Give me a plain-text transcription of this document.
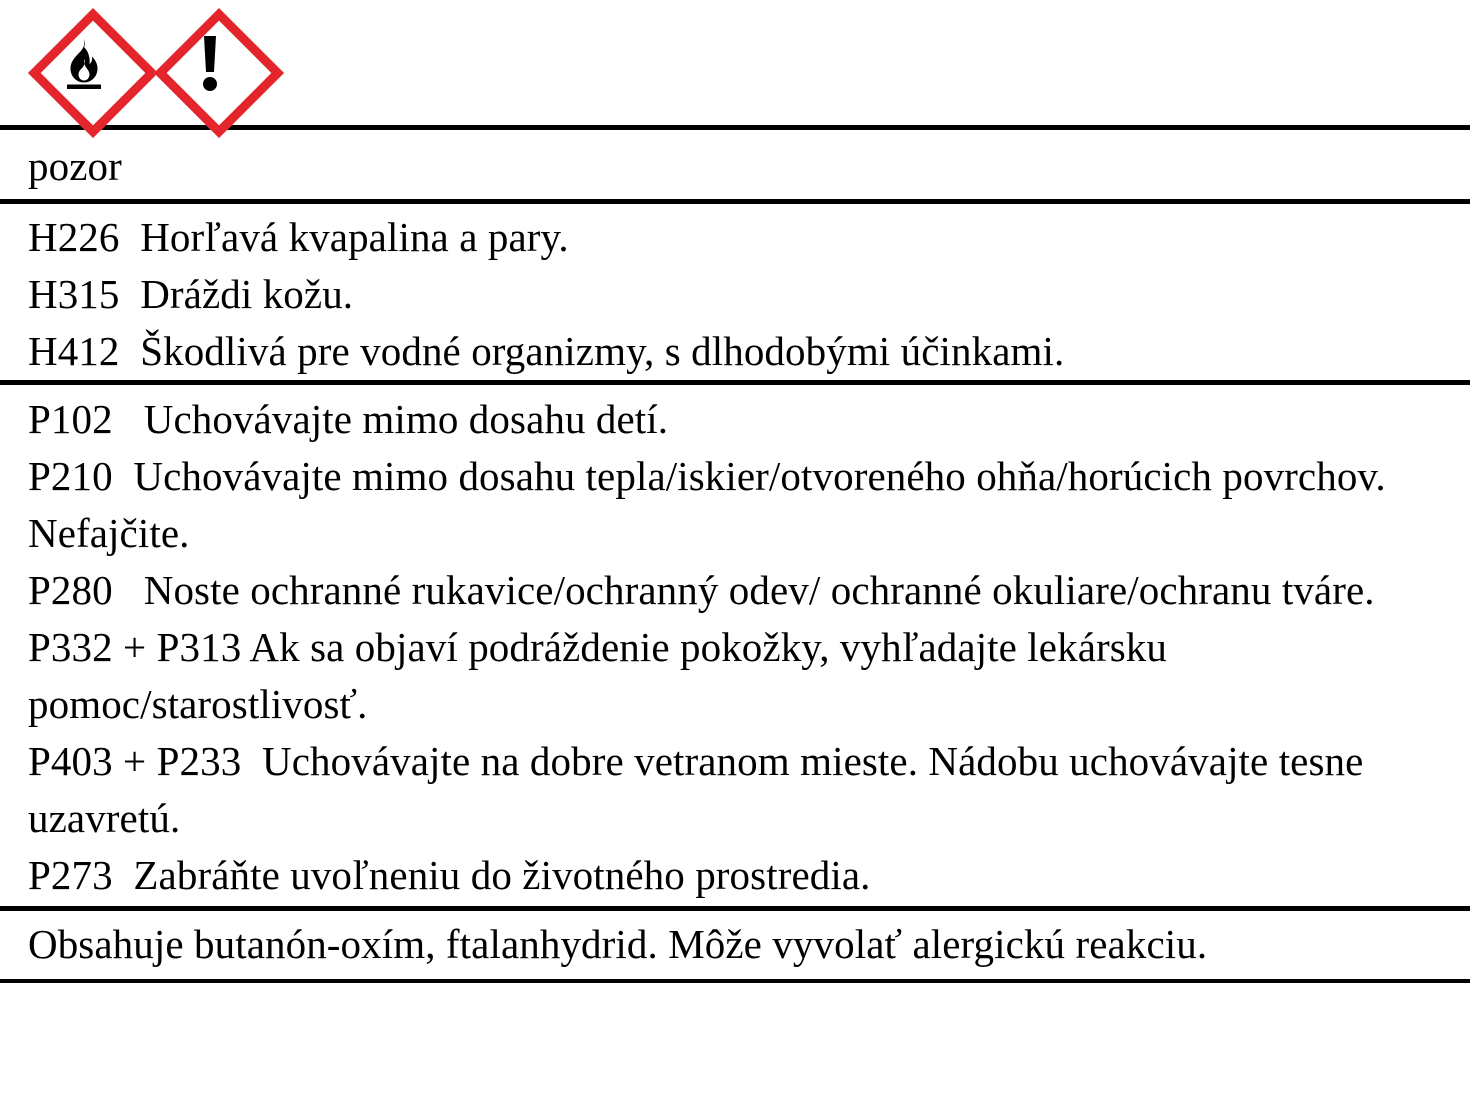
pozor
H226  Horľavá kvapalina a pary.
H315  Dráždi kožu.
H412  Škodlivá pre vodné organizmy, s dlhodobými účinkami.
P102   Uchovávajte mimo dosahu detí.
P210  Uchovávajte mimo dosahu tepla/iskier/otvoreného ohňa/horúcich povrchov. Nefajčite.
P280   Noste ochranné rukavice/ochranný odev/ ochranné okuliare/ochranu tváre.
P332 + P313 Ak sa objaví podráždenie pokožky, vyhľadajte lekársku pomoc/starostlivosť.
P403 + P233  Uchovávajte na dobre vetranom mieste. Nádobu uchovávajte tesne uzavretú.
P273  Zabráňte uvoľneniu do životného prostredia.
Obsahuje butanón-oxím, ftalanhydrid. Môže vyvolať alergickú reakciu.
